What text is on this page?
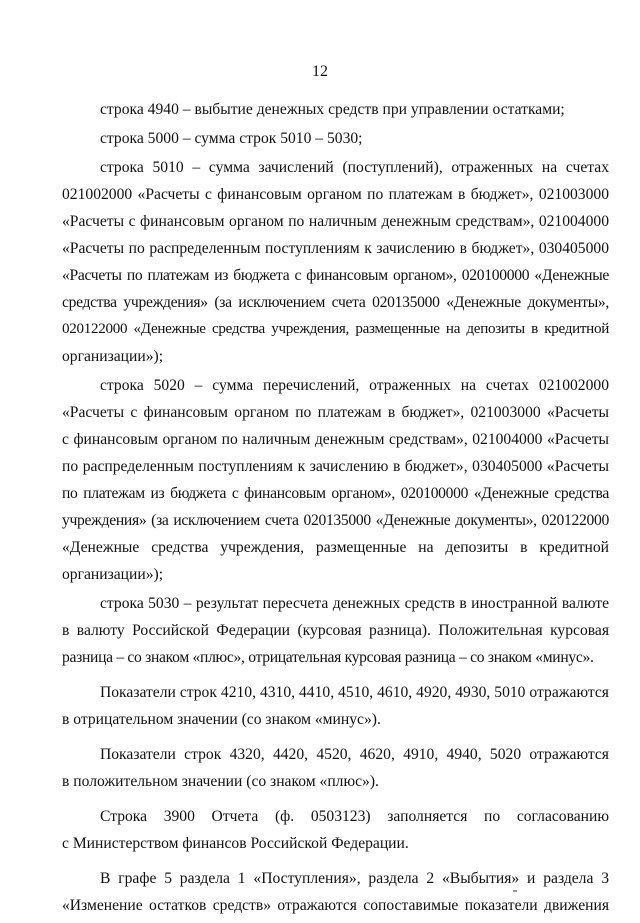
12

строка 4940 – выбытие денежных средств при управлении остатками;

строка 5000 – сумма строк 5010 – 5030;

строка 5010 – сумма зачислений (поступлений), отраженных на счетах
021002000 «Расчеты с финансовым органом по платежам в бюджет», 021003000
«Расчеты с финансовым органом по наличным денежным средствам», 021004000
«Расчеты по распределенным поступлениям к зачислению в бюджет», 030405000
«Расчеты по платежам из бюджета с финансовым органом», 020100000 «Денежные
средства учреждения» (за исключением счета 020135000 «Денежные документы»,
020122000 «Денежные средства учреждения, размещенные на депозиты в кредитной
организации»);

строка 5020 – сумма перечислений, отраженных на счетах 021002000
«Расчеты с финансовым органом по платежам в бюджет», 021003000 «Расчеты
с финансовым органом по наличным денежным средствам», 021004000 «Расчеты
по распределенным поступлениям к зачислению в бюджет», 030405000 «Расчеты
по платежам из бюджета с финансовым органом», 020100000 «Денежные средства
учреждения» (за исключением счета 020135000 «Денежные документы», 020122000
«Денежные средства учреждения, размещенные на депозиты в кредитной
организации»);

строка 5030 – результат пересчета денежных средств в иностранной валюте
в валюту Российской Федерации (курсовая разница). Положительная курсовая
разница – со знаком «плюс», отрицательная курсовая разница – со знаком «минус».

Показатели строк 4210, 4310, 4410, 4510, 4610, 4920, 4930, 5010 отражаются
в отрицательном значении (со знаком «минус»).

Показатели строк 4320, 4420, 4520, 4620, 4910, 4940, 5020 отражаются
в положительном значении (со знаком «плюс»).

Строка 3900 Отчета (ф. 0503123) заполняется по согласованию
с Министерством финансов Российской Федерации.

В графе 5 раздела 1 «Поступления», раздела 2 «Выбытия» и раздела 3
«Изменение остатков средств» отражаются сопоставимые показатели движения
